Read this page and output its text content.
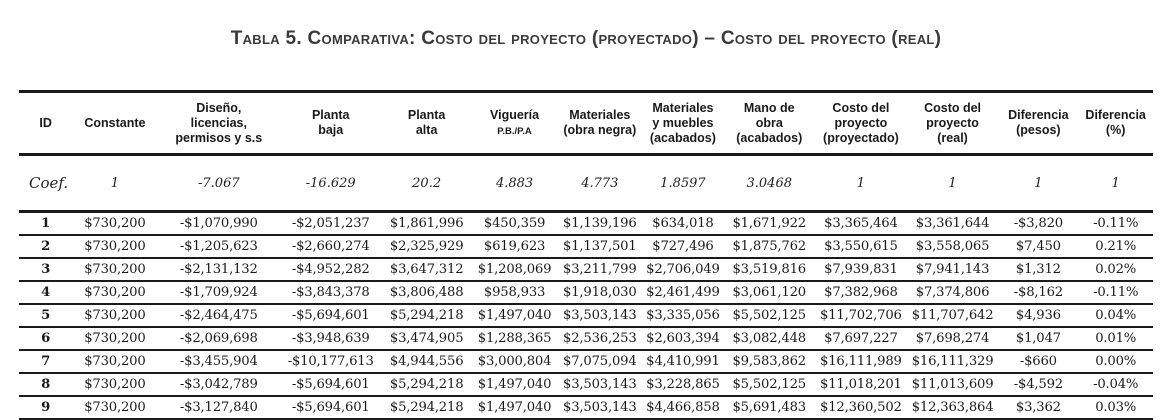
Tabla 5. Comparativa: Costo del proyecto (proyectado) – Costo del proyecto (real)
ID	Constante	Diseño,
licencias,
permisos y s.s	Planta
baja	Planta
alta	Viguería
P.B./P.A	Materiales
(obra negra)	Materiales
y muebles
(acabados)	Mano de
obra
(acabados)	Costo del
proyecto
(proyectado)	Costo del
proyecto
(real)	Diferencia
(pesos)	Diferencia
(%)
Coef.	1	-7.067	-16.629	20.2	4.883	4.773	1.8597	3.0468	1	1	1	1
1	$730,200	-$1,070,990	-$2,051,237	$1,861,996	$450,359	$1,139,196	$634,018	$1,671,922	$3,365,464	$3,361,644	-$3,820	-0.11%
2	$730,200	-$1,205,623	-$2,660,274	$2,325,929	$619,623	$1,137,501	$727,496	$1,875,762	$3,550,615	$3,558,065	$7,450	0.21%
3	$730,200	-$2,131,132	-$4,952,282	$3,647,312	$1,208,069	$3,211,799	$2,706,049	$3,519,816	$7,939,831	$7,941,143	$1,312	0.02%
4	$730,200	-$1,709,924	-$3,843,378	$3,806,488	$958,933	$1,918,030	$2,461,499	$3,061,120	$7,382,968	$7,374,806	-$8,162	-0.11%
5	$730,200	-$2,464,475	-$5,694,601	$5,294,218	$1,497,040	$3,503,143	$3,335,056	$5,502,125	$11,702,706	$11,707,642	$4,936	0.04%
6	$730,200	-$2,069,698	-$3,948,639	$3,474,905	$1,288,365	$2,536,253	$2,603,394	$3,082,448	$7,697,227	$7,698,274	$1,047	0.01%
7	$730,200	-$3,455,904	-$10,177,613	$4,944,556	$3,000,804	$7,075,094	$4,410,991	$9,583,862	$16,111,989	$16,111,329	-$660	0.00%
8	$730,200	-$3,042,789	-$5,694,601	$5,294,218	$1,497,040	$3,503,143	$3,228,865	$5,502,125	$11,018,201	$11,013,609	-$4,592	-0.04%
9	$730,200	-$3,127,840	-$5,694,601	$5,294,218	$1,497,040	$3,503,143	$4,466,858	$5,691,483	$12,360,502	$12,363,864	$3,362	0.03%
